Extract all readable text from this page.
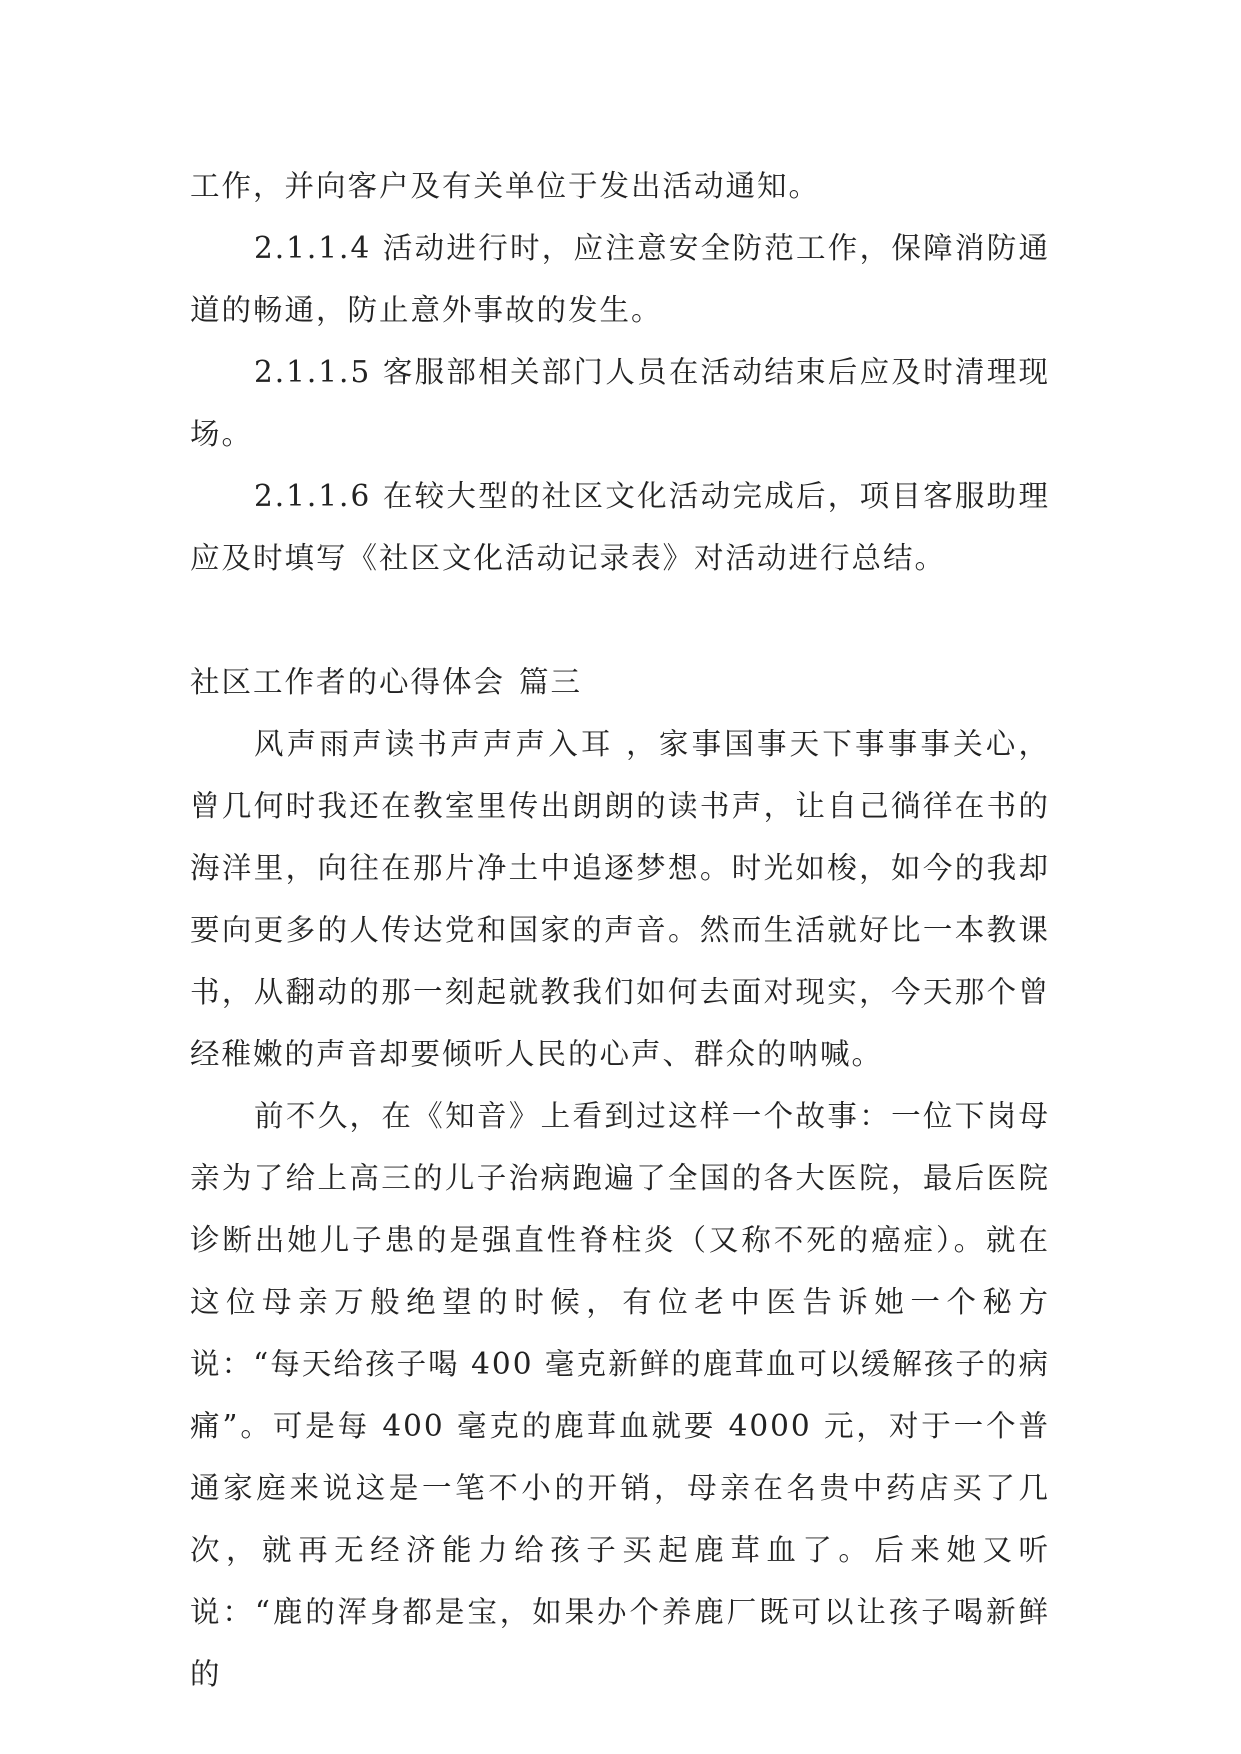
工作，并向客户及有关单位于发出活动通知。

2.1.1.4 活动进行时，应注意安全防范工作，保障消防通道的畅通，防止意外事故的发生。

2.1.1.5 客服部相关部门人员在活动结束后应及时清理现场。

2.1.1.6 在较大型的社区文化活动完成后，项目客服助理应及时填写《社区文化活动记录表》对活动进行总结。

社区工作者的心得体会 篇三

风声雨声读书声声声入耳 ，家事国事天下事事事关心，曾几何时我还在教室里传出朗朗的读书声，让自己徜徉在书的海洋里，向往在那片净土中追逐梦想。时光如梭，如今的我却要向更多的人传达党和国家的声音。然而生活就好比一本教课书，从翻动的那一刻起就教我们如何去面对现实，今天那个曾经稚嫩的声音却要倾听人民的心声、群众的呐喊。

前不久，在《知音》上看到过这样一个故事：一位下岗母亲为了给上高三的儿子治病跑遍了全国的各大医院，最后医院诊断出她儿子患的是强直性脊柱炎（又称不死的癌症）。就在这位母亲万般绝望的时候，有位老中医告诉她一个秘方说：“每天给孩子喝 400 毫克新鲜的鹿茸血可以缓解孩子的病痛”。可是每 400 毫克的鹿茸血就要 4000 元，对于一个普通家庭来说这是一笔不小的开销，母亲在名贵中药店买了几次，就再无经济能力给孩子买起鹿茸血了。后来她又听说：“鹿的浑身都是宝，如果办个养鹿厂既可以让孩子喝新鲜的
